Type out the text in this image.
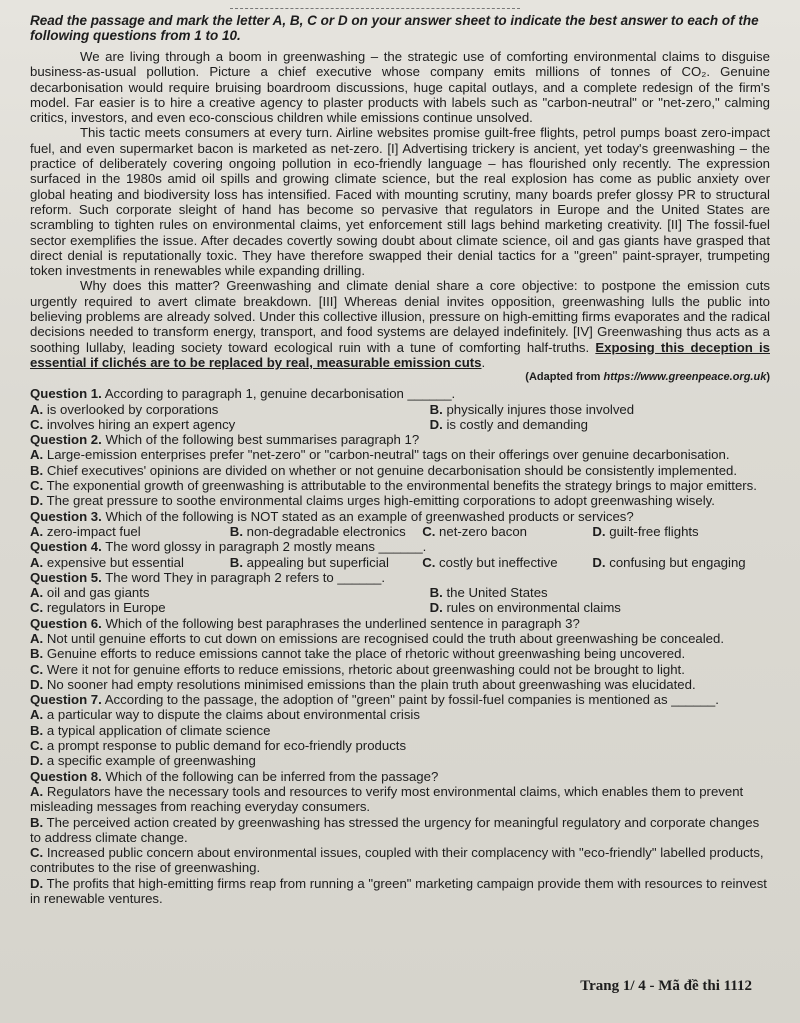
Read the passage and mark the letter A, B, C or D on your answer sheet to indicate the best answer to each of the following questions from 1 to 10.

We are living through a boom in greenwashing – the strategic use of comforting environmental claims to disguise business-as-usual pollution. Picture a chief executive whose company emits millions of tonnes of CO₂. Genuine decarbonisation would require bruising boardroom discussions, huge capital outlays, and a complete redesign of the firm's model. Far easier is to hire a creative agency to plaster products with labels such as "carbon-neutral" or "net-zero," calming critics, investors, and even eco-conscious children while emissions continue unsolved.

This tactic meets consumers at every turn. Airline websites promise guilt-free flights, petrol pumps boast zero-impact fuel, and even supermarket bacon is marketed as net-zero. [I] Advertising trickery is ancient, yet today's greenwashing – the practice of deliberately covering ongoing pollution in eco-friendly language – has flourished only recently. The expression surfaced in the 1980s amid oil spills and growing climate science, but the real explosion has come as public anxiety over global heating and biodiversity loss has intensified. Faced with mounting scrutiny, many boards prefer glossy PR to structural reform. Such corporate sleight of hand has become so pervasive that regulators in Europe and the United States are scrambling to tighten rules on environmental claims, yet enforcement still lags behind marketing creativity. [II] The fossil-fuel sector exemplifies the issue. After decades covertly sowing doubt about climate science, oil and gas giants have grasped that direct denial is reputationally toxic. They have therefore swapped their denial tactics for a "green" paint-sprayer, trumpeting token investments in renewables while expanding drilling.

Why does this matter? Greenwashing and climate denial share a core objective: to postpone the emission cuts urgently required to avert climate breakdown. [III] Whereas denial invites opposition, greenwashing lulls the public into believing problems are already solved. Under this collective illusion, pressure on high-emitting firms evaporates and the radical decisions needed to transform energy, transport, and food systems are delayed indefinitely. [IV] Greenwashing thus acts as a soothing lullaby, leading society toward ecological ruin with a tune of comforting half-truths. Exposing this deception is essential if clichés are to be replaced by real, measurable emission cuts.

(Adapted from https://www.greenpeace.org.uk)
Question 1. According to paragraph 1, genuine decarbonisation ______.
A. is overlooked by corporations	B. physically injures those involved
C. involves hiring an expert agency	D. is costly and demanding
Question 2. Which of the following best summarises paragraph 1?
A. Large-emission enterprises prefer "net-zero" or "carbon-neutral" tags on their offerings over genuine decarbonisation.
B. Chief executives' opinions are divided on whether or not genuine decarbonisation should be consistently implemented.
C. The exponential growth of greenwashing is attributable to the environmental benefits the strategy brings to major emitters.
D. The great pressure to soothe environmental claims urges high-emitting corporations to adopt greenwashing wisely.
Question 3. Which of the following is NOT stated as an example of greenwashed products or services?
A. zero-impact fuel	B. non-degradable electronics	C. net-zero bacon	D. guilt-free flights
Question 4. The word glossy in paragraph 2 mostly means ______.
A. expensive but essential	B. appealing but superficial	C. costly but ineffective	D. confusing but engaging
Question 5. The word They in paragraph 2 refers to ______.
A. oil and gas giants	B. the United States
C. regulators in Europe	D. rules on environmental claims
Question 6. Which of the following best paraphrases the underlined sentence in paragraph 3?
A. Not until genuine efforts to cut down on emissions are recognised could the truth about greenwashing be concealed.
B. Genuine efforts to reduce emissions cannot take the place of rhetoric without greenwashing being uncovered.
C. Were it not for genuine efforts to reduce emissions, rhetoric about greenwashing could not be brought to light.
D. No sooner had empty resolutions minimised emissions than the plain truth about greenwashing was elucidated.
Question 7. According to the passage, the adoption of "green" paint by fossil-fuel companies is mentioned as ______.
A. a particular way to dispute the claims about environmental crisis
B. a typical application of climate science
C. a prompt response to public demand for eco-friendly products
D. a specific example of greenwashing
Question 8. Which of the following can be inferred from the passage?
A. Regulators have the necessary tools and resources to verify most environmental claims, which enables them to prevent misleading messages from reaching everyday consumers.
B. The perceived action created by greenwashing has stressed the urgency for meaningful regulatory and corporate changes to address climate change.
C. Increased public concern about environmental issues, coupled with their complacency with "eco-friendly" labelled products, contributes to the rise of greenwashing.
D. The profits that high-emitting firms reap from running a "green" marketing campaign provide them with resources to reinvest in renewable ventures.
Trang 1/ 4 - Mã đề thi 1112
